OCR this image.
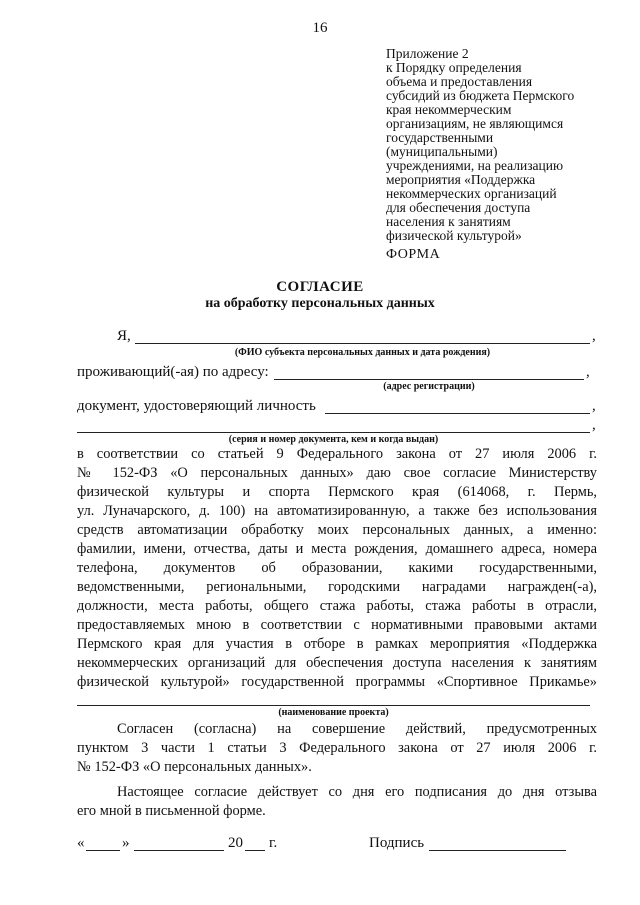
16
Приложение 2
к Порядку определения
объема и предоставления
субсидий из бюджета Пермского
края некоммерческим
организациям, не являющимся
государственными
(муниципальными)
учреждениями, на реализацию
мероприятия «Поддержка
некоммерческих организаций
для обеспечения доступа
населения к занятиям
физической культурой»
ФОРМА
СОГЛАСИЕ
на обработку персональных данных
Я,	,
(ФИО субъекта персональных данных и дата рождения)
проживающий(-ая) по адресу:	,
(адрес регистрации)
документ, удостоверяющий личность	,
,
(серия и номер документа, кем и когда выдан)
в соответствии со статьей 9 Федерального закона от 27 июля 2006 г.
№ 152-ФЗ «О персональных данных» даю свое согласие Министерству
физической культуры и спорта Пермского края (614068, г. Пермь,
ул. Луначарского, д. 100) на автоматизированную, а также без использования
средств автоматизации обработку моих персональных данных, а именно:
фамилии, имени, отчества, даты и места рождения, домашнего адреса, номера
телефона, документов об образовании, какими государственными,
ведомственными, региональными, городскими наградами награжден(-а),
должности, места работы, общего стажа работы, стажа работы в отрасли,
предоставляемых мною в соответствии с нормативными правовыми актами
Пермского края для участия в отборе в рамках мероприятия «Поддержка
некоммерческих организаций для обеспечения доступа населения к занятиям
физической культурой» государственной программы «Спортивное Прикамье»
(наименование проекта)
Согласен (согласна) на совершение действий, предусмотренных
пунктом 3 части 1 статьи 3 Федерального закона от 27 июля 2006 г.
№ 152-ФЗ «О персональных данных».
Настоящее согласие действует со дня его подписания до дня отзыва
его мной в письменной форме.
«	»	20 г.	Подпись
